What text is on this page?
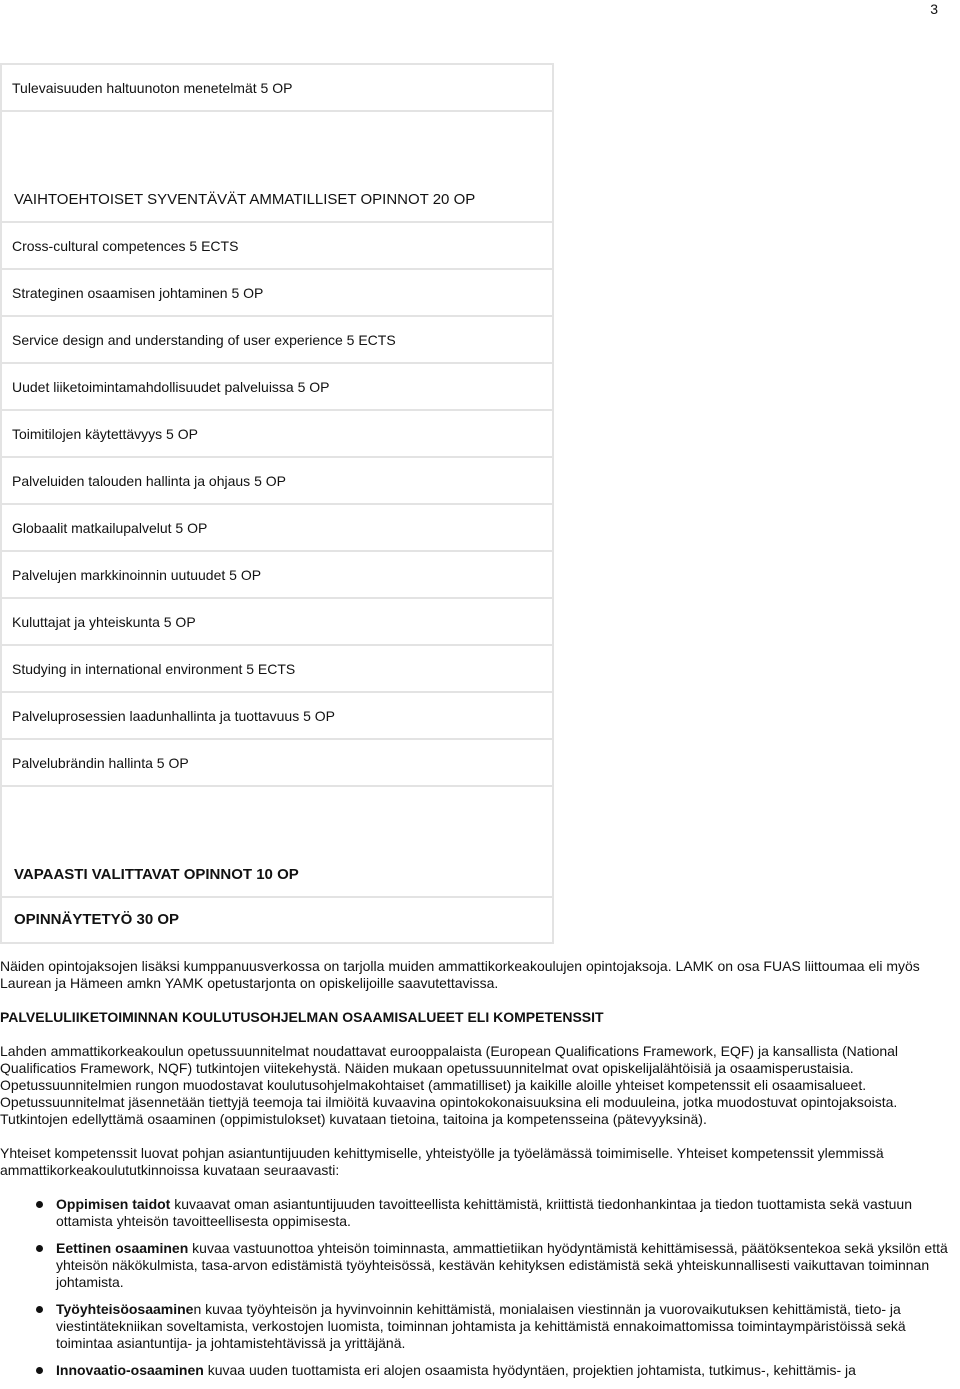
3
Tulevaisuuden haltuunoton menetelmät 5 OP
VAIHTOEHTOISET SYVENTÄVÄT AMMATILLISET OPINNOT 20 OP
Cross-cultural competences 5 ECTS
Strateginen osaamisen johtaminen 5 OP
Service design and understanding of user experience 5 ECTS
Uudet liiketoimintamahdollisuudet palveluissa 5 OP
Toimitilojen käytettävyys 5 OP
Palveluiden talouden hallinta ja ohjaus 5 OP
Globaalit matkailupalvelut 5 OP
Palvelujen markkinoinnin uutuudet 5 OP
Kuluttajat ja yhteiskunta 5 OP
Studying in international environment 5 ECTS
Palveluprosessien laadunhallinta ja tuottavuus 5 OP
Palvelubrändin hallinta 5 OP
VAPAASTI VALITTAVAT OPINNOT 10 OP
OPINNÄYTETYÖ 30 OP
Näiden opintojaksojen lisäksi kumppanuusverkossa on tarjolla muiden ammattikorkeakoulujen opintojaksoja. LAMK on osa FUAS liittoumaa eli myös Laurean ja Hämeen amkn YAMK opetustarjonta on opiskelijoille saavutettavissa.
PALVELULIIKETOIMINNAN KOULUTUSOHJELMAN OSAAMISALUEET ELI KOMPETENSSIT
Lahden ammattikorkeakoulun opetussuunnitelmat noudattavat eurooppalaista (European Qualifications Framework, EQF) ja kansallista (National Qualificatios Framework, NQF) tutkintojen viitekehystä. Näiden mukaan opetussuunnitelmat ovat opiskelijalähtöisiä ja osaamisperustaisia. Opetussuunnitelmien rungon muodostavat koulutusohjelmakohtaiset (ammatilliset) ja kaikille aloille yhteiset kompetenssit eli osaamisalueet. Opetussuunnitelmat jäsennetään tiettyjä teemoja tai ilmiöitä kuvaavina opintokokonaisuuksina eli moduuleina, jotka muodostuvat opintojaksoista. Tutkintojen edellyttämä osaaminen (oppimistulokset) kuvataan tietoina, taitoina ja kompetensseina (pätevyyksinä).
Yhteiset kompetenssit luovat pohjan asiantuntijuuden kehittymiselle, yhteistyölle ja työelämässä toimimiselle. Yhteiset kompetenssit ylemmissä ammattikorkeakoulututkinnoissa kuvataan seuraavasti:
Oppimisen taidot kuvaavat oman asiantuntijuuden tavoitteellista kehittämistä, kriittistä tiedonhankintaa ja tiedon tuottamista sekä vastuun ottamista yhteisön tavoitteellisesta oppimisesta.
Eettinen osaaminen kuvaa vastuunottoa yhteisön toiminnasta, ammattietiikan hyödyntämistä kehittämisessä, päätöksentekoa sekä yksilön että yhteisön näkökulmista, tasa-arvon edistämistä työyhteisössä, kestävän kehityksen edistämistä sekä yhteiskunnallisesti vaikuttavan toiminnan johtamista.
Työyhteisöosaaminen kuvaa työyhteisön ja hyvinvoinnin kehittämistä, monialaisen viestinnän ja vuorovaikutuksen kehittämistä, tieto- ja viestintätekniikan soveltamista, verkostojen luomista, toiminnan johtamista ja kehittämistä ennakoimattomissa toimintaympäristöissä sekä toimintaa asiantuntija- ja johtamistehtävissä ja yrittäjänä.
Innovaatio-osaaminen kuvaa uuden tuottamista eri alojen osaamista hyödyntäen, projektien johtamista, tutkimus-, kehittämis- ja
